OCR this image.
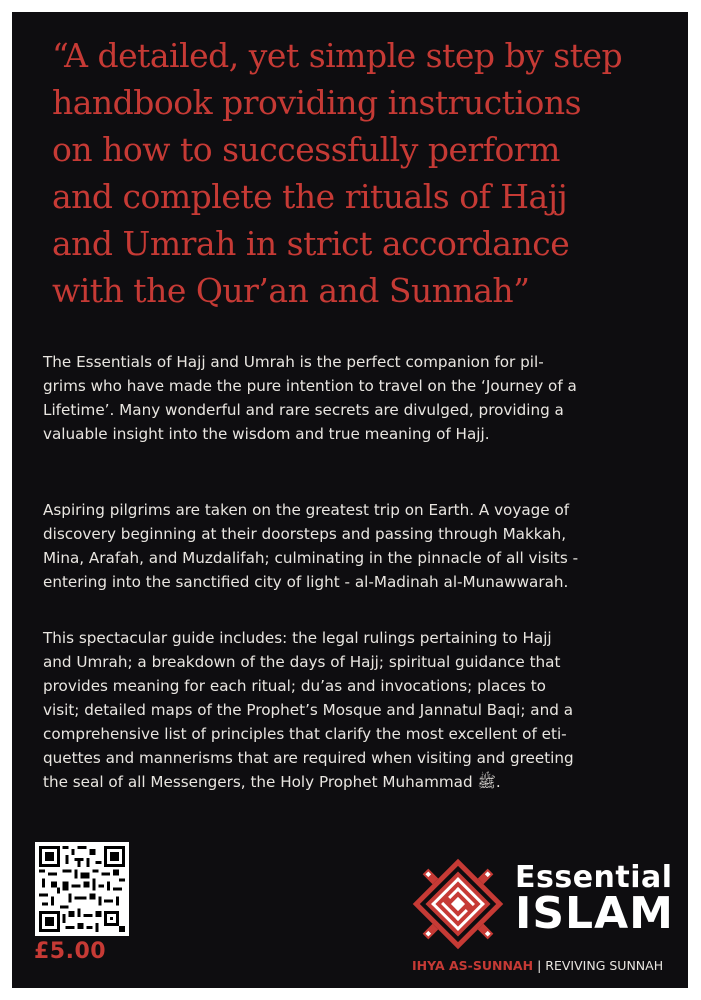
“A detailed, yet simple step by step
handbook providing instructions
on how to successfully perform
and complete the rituals of Hajj
and Umrah in strict accordance
with the Qur’an and Sunnah”
The Essentials of Hajj and Umrah is the perfect companion for pil-
grims who have made the pure intention to travel on the ‘Journey of a
Lifetime’. Many wonderful and rare secrets are divulged, providing a
valuable insight into the wisdom and true meaning of Hajj.
Aspiring pilgrims are taken on the greatest trip on Earth. A voyage of
discovery beginning at their doorsteps and passing through Makkah,
Mina, Arafah, and Muzdalifah; culminating in the pinnacle of all visits -
entering into the sanctified city of light - al-Madinah al-Munawwarah.
This spectacular guide includes: the legal rulings pertaining to Hajj
and Umrah; a breakdown of the days of Hajj; spiritual guidance that
provides meaning for each ritual; du’as and invocations; places to
visit; detailed maps of the Prophet’s Mosque and Jannatul Baqi; and a
comprehensive list of principles that clarify the most excellent of eti-
quettes and mannerisms that are required when visiting and greeting
the seal of all Messengers, the Holy Prophet Muhammad ﷺ.
£5.00
Essential
ISLAM
IHYA AS-SUNNAH | REVIVING SUNNAH
